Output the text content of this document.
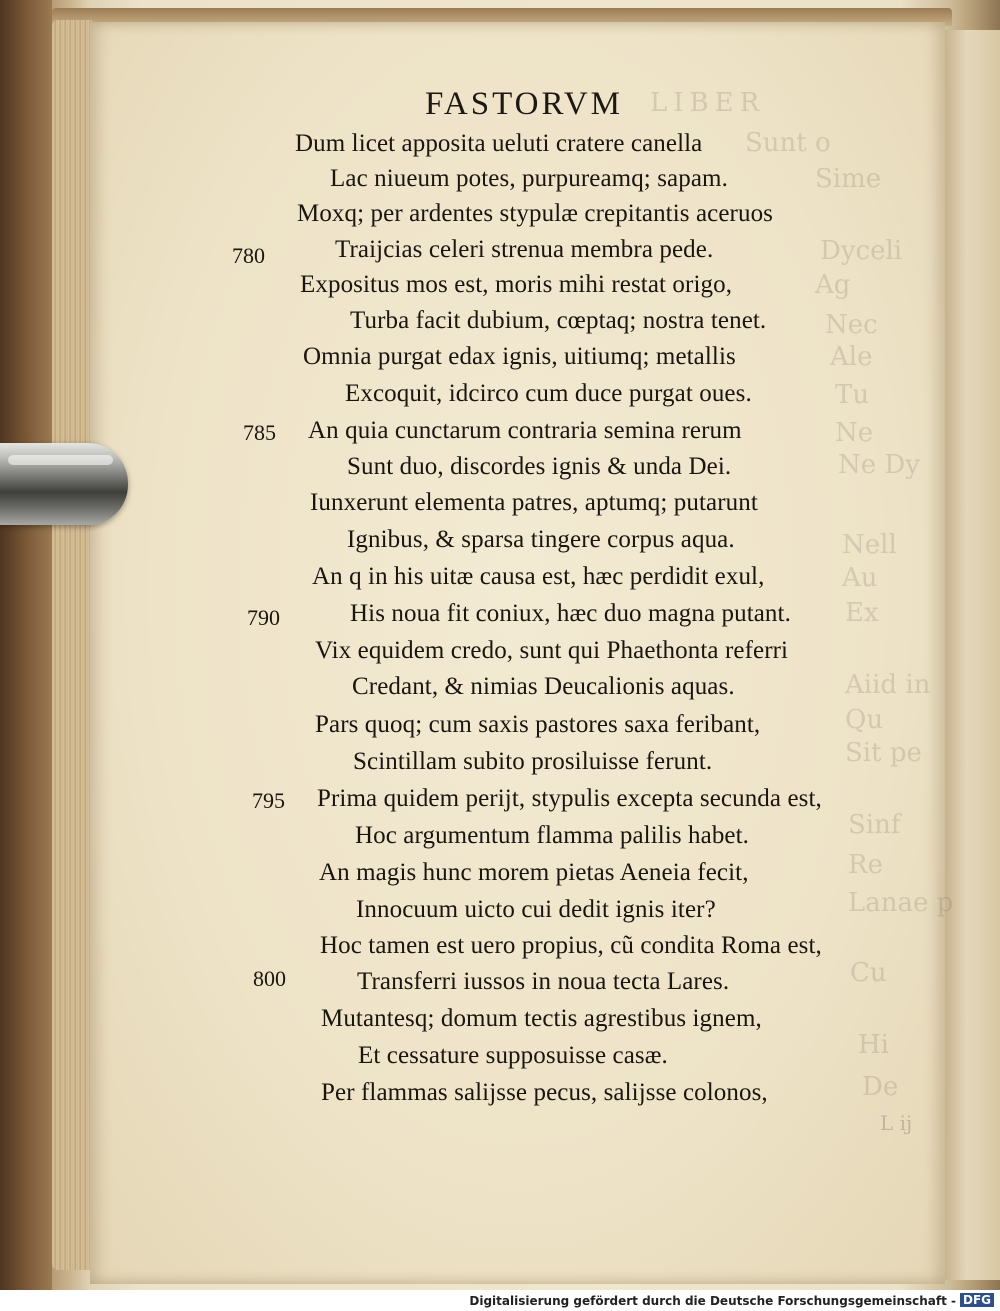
LIBER
Sunt o
Sime
Dyceli
Ag
Nec
Ale
Tu
Ne
Ne Dy
Nell
Au
Ex
Aiid in
Qu
Sit pe
Sinf
Re
Lanae p
Cu
Hi
De
FASTORVM
Dum licet apposita ueluti cratere canella
Lac niueum potes, purpureamq; sapam.
Moxq; per ardentes stypulæ crepitantis aceruos
Traijcias celeri strenua membra pede.
Expositus mos est, moris mihi restat origo,
Turba facit dubium, cœptaq; nostra tenet.
Omnia purgat edax ignis, uitiumq; metallis
Excoquit, idcirco cum duce purgat oues.
An quia cunctarum contraria semina rerum
Sunt duo, discordes ignis & unda Dei.
Iunxerunt elementa patres, aptumq; putarunt
Ignibus, & sparsa tingere corpus aqua.
An q in his uitæ causa est, hæc perdidit exul,
His noua fit coniux, hæc duo magna putant.
Vix equidem credo, sunt qui Phaethonta referri
Credant, & nimias Deucalionis aquas.
Pars quoq; cum saxis pastores saxa feribant,
Scintillam subito prosiluisse ferunt.
Prima quidem perijt, stypulis excepta secunda est,
Hoc argumentum flamma palilis habet.
An magis hunc morem pietas Aeneia fecit,
Innocuum uicto cui dedit ignis iter?
Hoc tamen est uero propius, cũ condita Roma est,
Transferri iussos in noua tecta Lares.
Mutantesq; domum tectis agrestibus ignem,
Et cessature supposuisse casæ.
Per flammas salijsse pecus, salijsse colonos,
780
785
790
795
800
L ij
Digitalisierung gefördert durch die Deutsche Forschungsgemeinschaft - DFG
